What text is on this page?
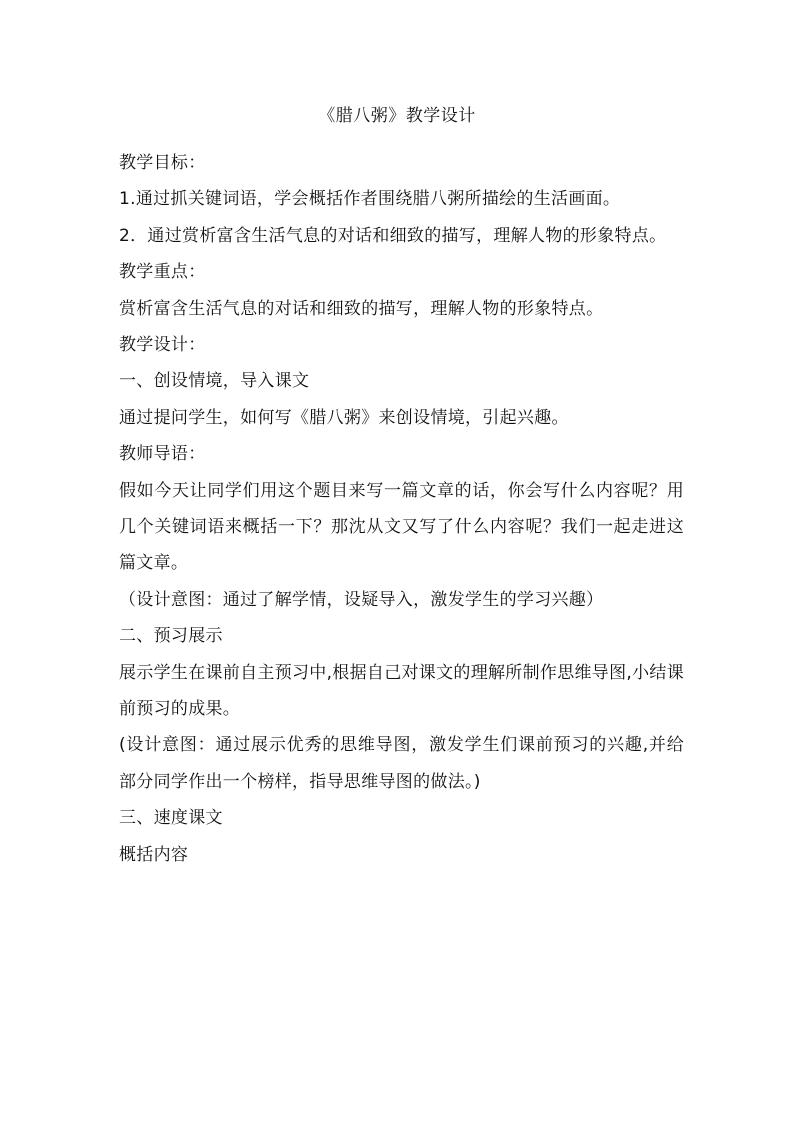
《腊八粥》教学设计
教学目标：
1.通过抓关键词语，学会概括作者围绕腊八粥所描绘的生活画面。
2．通过赏析富含生活气息的对话和细致的描写，理解人物的形象特点。
教学重点：
赏析富含生活气息的对话和细致的描写，理解人物的形象特点。
教学设计：
一、创设情境，导入课文
通过提问学生，如何写《腊八粥》来创设情境，引起兴趣。
教师导语：
假如今天让同学们用这个题目来写一篇文章的话，你会写什么内容呢？用几个关键词语来概括一下？那沈从文又写了什么内容呢？我们一起走进这篇文章。
（设计意图：通过了解学情，设疑导入，激发学生的学习兴趣）
二、预习展示
展示学生在课前自主预习中,根据自己对课文的理解所制作思维导图,小结课前预习的成果。
(设计意图：通过展示优秀的思维导图，激发学生们课前预习的兴趣,并给部分同学作出一个榜样，指导思维导图的做法。)
三、速度课文
概括内容
